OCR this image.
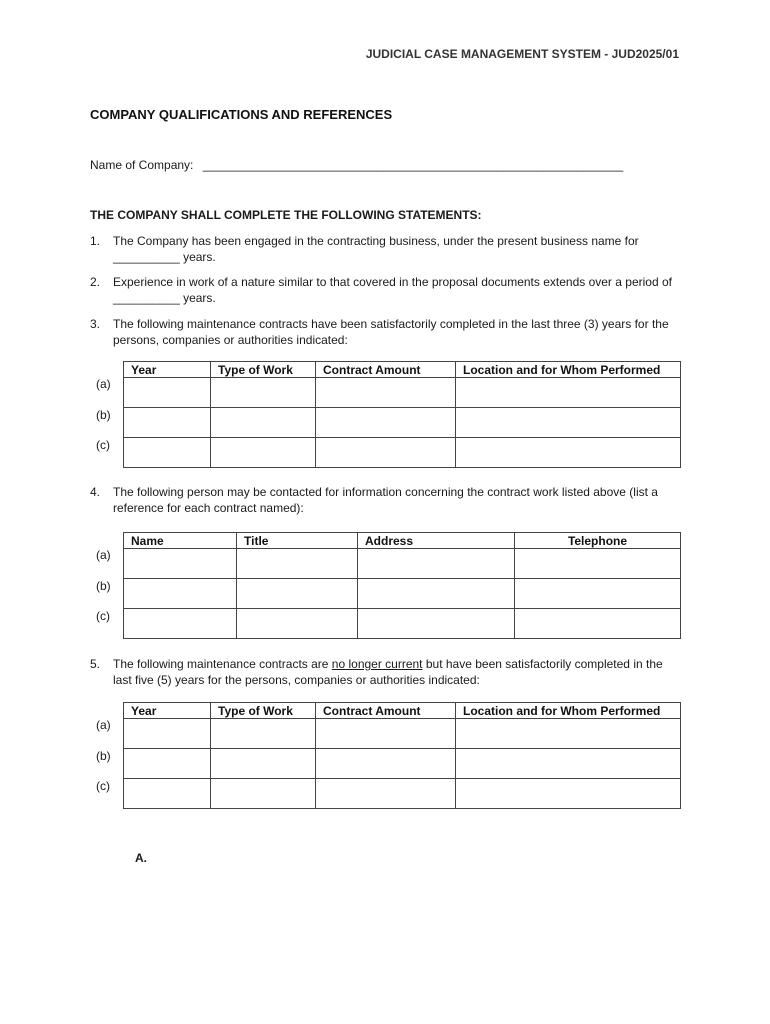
JUDICIAL CASE MANAGEMENT SYSTEM - JUD2025/01
COMPANY QUALIFICATIONS AND REFERENCES
Name of Company: _______________________________________________________________
THE COMPANY SHALL COMPLETE THE FOLLOWING STATEMENTS:
1. The Company has been engaged in the contracting business, under the present business name for __________ years.
2. Experience in work of a nature similar to that covered in the proposal documents extends over a period of __________ years.
3. The following maintenance contracts have been satisfactorily completed in the last three (3) years for the persons, companies or authorities indicated:
Year	Type of Work	Contract Amount	Location and for Whom Performed

(a)
(b)
(c)
4. The following person may be contacted for information concerning the contract work listed above (list a reference for each contract named):
Name	Title	Address	Telephone

(a)
(b)
(c)
5. The following maintenance contracts are no longer current but have been satisfactorily completed in the last five (5) years for the persons, companies or authorities indicated:
Year	Type of Work	Contract Amount	Location and for Whom Performed

(a)
(b)
(c)
A.
